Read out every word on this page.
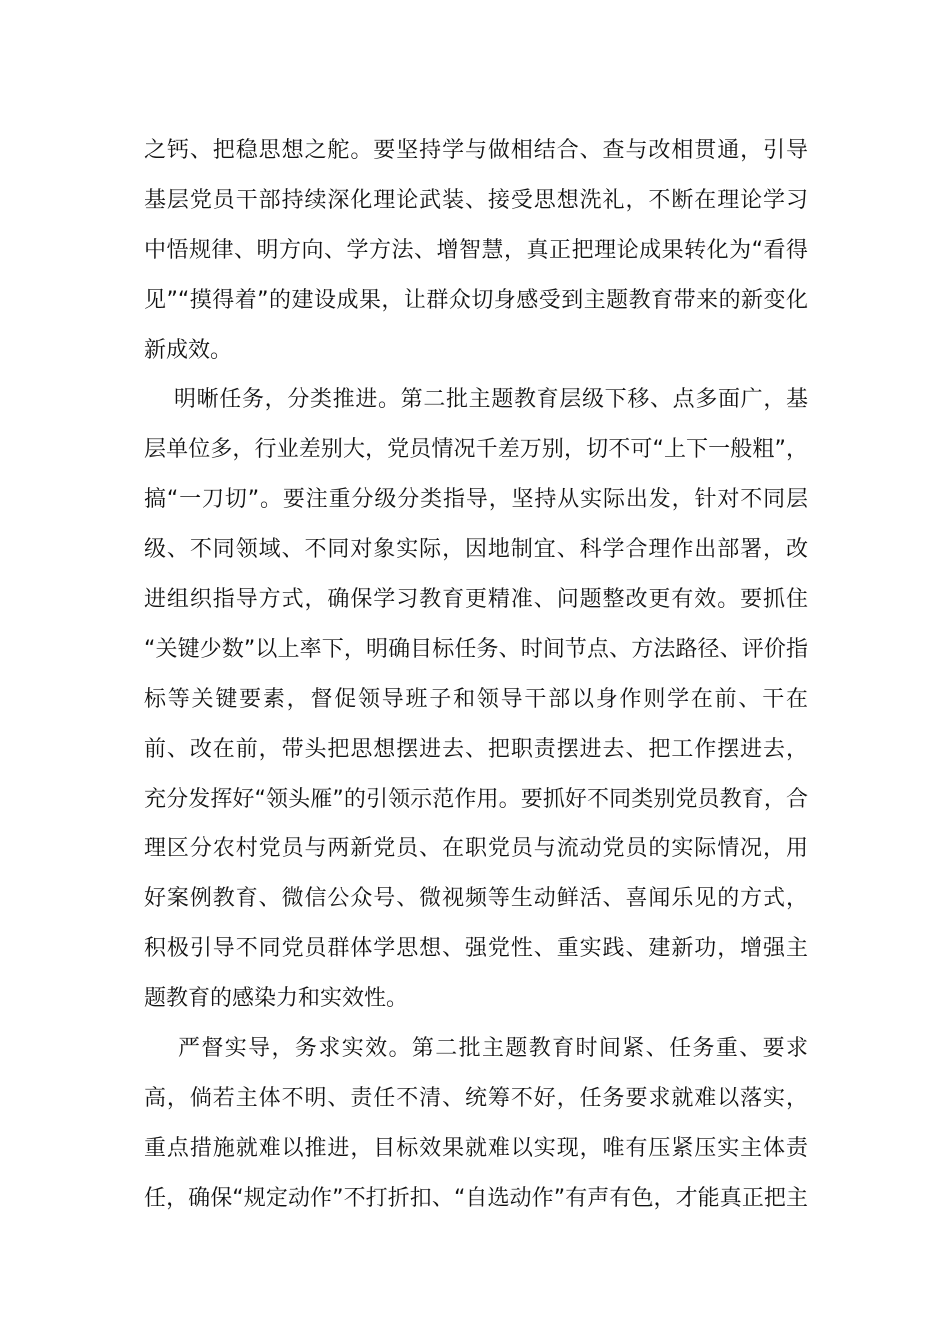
之钙、把稳思想之舵。要坚持学与做相结合、查与改相贯通，引导
基层党员干部持续深化理论武装、接受思想洗礼，不断在理论学习
中悟规律、明方向、学方法、增智慧，真正把理论成果转化为“看得
见”“摸得着”的建设成果，让群众切身感受到主题教育带来的新变化
新成效。
明晰任务，分类推进。第二批主题教育层级下移、点多面广，基
层单位多，行业差别大，党员情况千差万别，切不可“上下一般粗”，
搞“一刀切”。要注重分级分类指导，坚持从实际出发，针对不同层
级、不同领域、不同对象实际，因地制宜、科学合理作出部署，改
进组织指导方式，确保学习教育更精准、问题整改更有效。要抓住
“关键少数”以上率下，明确目标任务、时间节点、方法路径、评价指
标等关键要素，督促领导班子和领导干部以身作则学在前、干在
前、改在前，带头把思想摆进去、把职责摆进去、把工作摆进去，
充分发挥好“领头雁”的引领示范作用。要抓好不同类别党员教育，合
理区分农村党员与两新党员、在职党员与流动党员的实际情况，用
好案例教育、微信公众号、微视频等生动鲜活、喜闻乐见的方式，
积极引导不同党员群体学思想、强党性、重实践、建新功，增强主
题教育的感染力和实效性。
严督实导，务求实效。第二批主题教育时间紧、任务重、要求
高，倘若主体不明、责任不清、统筹不好，任务要求就难以落实，
重点措施就难以推进，目标效果就难以实现，唯有压紧压实主体责
任，确保“规定动作”不打折扣、“自选动作”有声有色，才能真正把主
